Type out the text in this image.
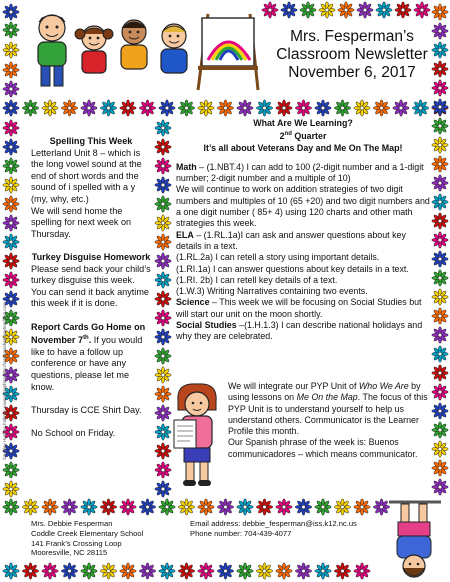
Mrs. Fesperman’s
Classroom Newsletter
November 6, 2017
Spelling This Week

Letterland Unit 8 – which is the long vowel sound at the end of short words and the sound of i spelled with a y (my, why, etc.)

We will send home the spelling for next week on Thursday.

Turkey Disguise Homework

Please send back your child’s turkey disguise this week. You can send it back anytime this week if it is done.

Report Cards Go Home on November 7th. If you would like to have a follow up conference or have any questions, please let me know.

Thursday is CCE Shirt Day.

No School on Friday.

What Are We Learning?
2nd Quarter
It’s all about Veterans Day and Me On The Map!

Math – (1.NBT.4) I can add to 100 (2-digit number and a 1-digit number; 2-digit number and a multiple of 10)

We will continue to work on addition strategies of two digit numbers and multiples of 10 (65 +20) and two digit numbers and a one digit number ( 85+ 4) using 120 charts and other math strategies this week.

ELA – (1.RL.1a)I can ask and answer questions about key details in a text.

(1.RL.2a) I can retell a story using important details.

(1.RI.1a) I can answer questions about key details in a text.

(1.RI. 2b) I can retell key details of a text.

(1.W.3) Writing Narratives containing two events.

Science – This week we will be focusing on Social Studies but will start our unit on the moon shortly.

Social Studies –(1.H.1.3) I can describe national holidays and why they are celebrated.

We will integrate our PYP Unit of Who We Are by using lessons on Me On the Map. The focus of this PYP Unit is to understand yourself to help us understand others. Communicator is the Learner Profile this month.

Our Spanish phrase of the week is: Buenos communicadores – which means communicator.

Mrs. Debbie Fesperman
Coddle Creek Elementary School
141 Frank’s Crossing Loop
Mooresville, NC 28115
Email address: debbie_fesperman@iss.k12.nc.us
Phone number: 704-439-4077
©Ashley Hughes Falling Leaves Graphics http://www.teacherspayteachers.com
